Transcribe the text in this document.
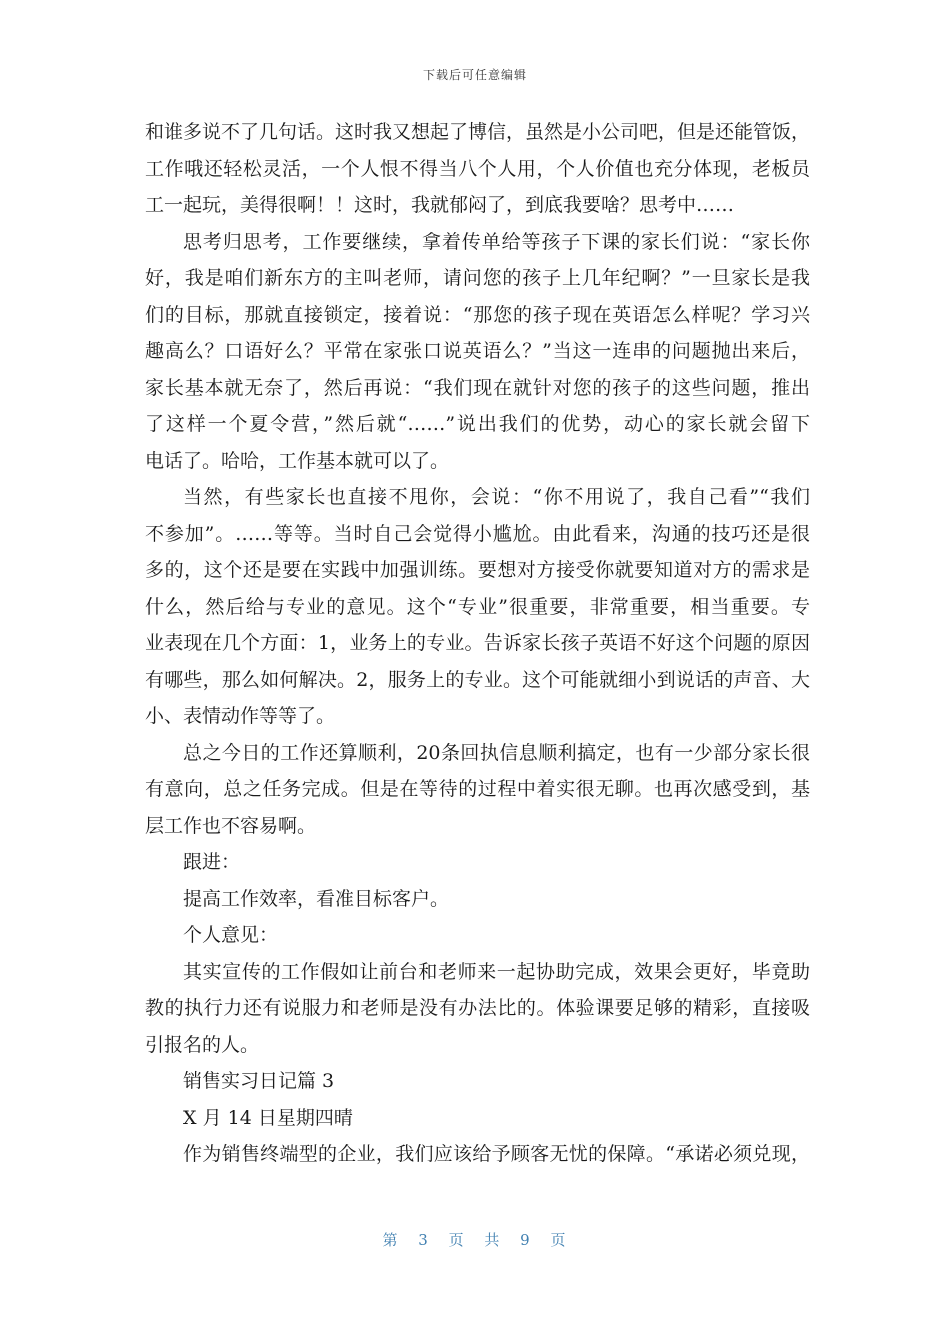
下载后可任意编辑
和谁多说不了几句话。这时我又想起了博信，虽然是小公司吧，但是还能管饭，
工作哦还轻松灵活，一个人恨不得当八个人用，个人价值也充分体现，老板员
工一起玩，美得很啊！！这时，我就郁闷了，到底我要啥？思考中……
思考归思考，工作要继续，拿着传单给等孩子下课的家长们说：“家长你
好，我是咱们新东方的主叫老师，请问您的孩子上几年纪啊？”一旦家长是我
们的目标，那就直接锁定，接着说：“那您的孩子现在英语怎么样呢？学习兴
趣高么？口语好么？平常在家张口说英语么？”当这一连串的问题抛出来后，
家长基本就无奈了，然后再说：“我们现在就针对您的孩子的这些问题，推出
了这样一个夏令营，”然后就“……”说出我们的优势，动心的家长就会留下
电话了。哈哈，工作基本就可以了。
当然，有些家长也直接不甩你，会说：“你不用说了，我自己看”“我们
不参加”。……等等。当时自己会觉得小尴尬。由此看来，沟通的技巧还是很
多的，这个还是要在实践中加强训练。要想对方接受你就要知道对方的需求是
什么，然后给与专业的意见。这个“专业”很重要，非常重要，相当重要。专
业表现在几个方面：1，业务上的专业。告诉家长孩子英语不好这个问题的原因
有哪些，那么如何解决。2，服务上的专业。这个可能就细小到说话的声音、大
小、表情动作等等了。
总之今日的工作还算顺利，20条回执信息顺利搞定，也有一少部分家长很
有意向，总之任务完成。但是在等待的过程中着实很无聊。也再次感受到，基
层工作也不容易啊。
跟进：
提高工作效率，看准目标客户。
个人意见：
其实宣传的工作假如让前台和老师来一起协助完成，效果会更好，毕竟助
教的执行力还有说服力和老师是没有办法比的。体验课要足够的精彩，直接吸
引报名的人。
销售实习日记篇 3
X 月 14 日星期四晴
作为销售终端型的企业，我们应该给予顾客无忧的保障。“承诺必须兑现，
第 3 页 共 9 页
